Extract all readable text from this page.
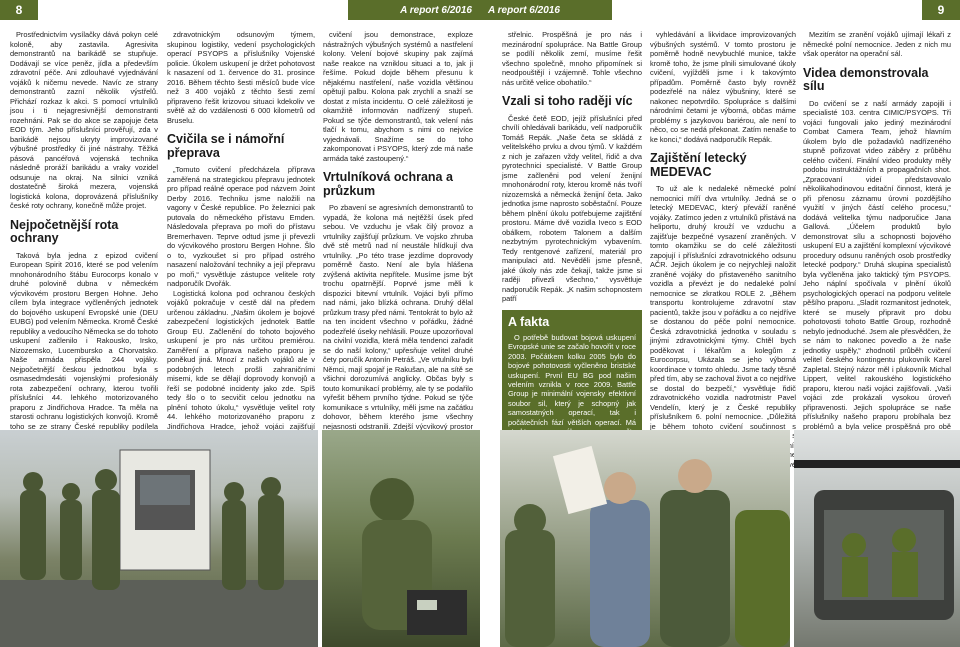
8	A report 6/2016

Prostřednictvím vysílačky dává pokyn celé koloně, aby zastavila. Agresivita demonstrantů na barikádě se stupňuje. Dodávají se více peněz, jídla a především zdravotní péče. Ani zdlouhavé vyjednávání vojáků k ničemu nevede. Navíc ze strany demonstrantů zazní několik výstřelů. Přichází rozkaz k akci. S pomocí vrtulníků jsou i ti nejagresivnější demonstranti rozehnáni. Pak se do akce se zapojuje četa EOD tým. Jeho příslušníci prověřují, zda v barikádě nejsou ukryty improvizované výbušné prostředky či jiné nástrahy. Těžká pásová pancéřová vojenská technika následně proráží barikádu a vraky vozidel odsunuje na okraj. Na silnici vzniká dostatečně široká mezera, vojenská logistická kolona, doprovázená příslušníky české roty ochrany, konečně může projet.

Nejpočetnější rota ochrany

Taková byla jedna z epizod cvičení European Spirit 2016, které se pod velením mnohonárodního štábu Eurocorps konalo v druhé polovině dubna v německém výcvikovém prostoru Bergen Hohne. Jeho cílem byla integrace vyčleněných jednotek do bojového uskupení Evropské unie (DEU EUBG) pod velením Německa. Kromě České republiky a vedoucího Německa se do tohoto uskupení začlenilo i Rakousko, Irsko, Nizozemsko, Lucembursko a Chorvatsko. Naše armáda přispěla 244 vojáky. Nejpočetnější českou jednotkou byla s osmasedmdesáti vojenskými profesionály rota zabezpečení ochrany, kterou tvořili příslušníci 44. lehkého motorizovaného praporu z Jindřichova Hradce. Ta měla na starosti ochranu logistických konvojů. Kromě toho se ze strany České republiky podílela

zdravotnickým odsunovým týmem, skupinou logistiky, vedení psychologických operací PSYOPS a příslušníky Vojenské policie. Úkolem uskupení je držet pohotovost k nasazení od 1. července do 31. prosince 2016. Během těchto šesti měsíců bude více než 3 400 vojáků z těchto šesti zemí připraveno řešit krizovou situaci kdekoliv ve světě až do vzdálenosti 6 000 kilometrů od Bruselu.

Cvičila se i námořní přeprava

„Tomuto cvičení předcházela příprava zaměřená na strategickou přepravu jednotek pro případ reálné operace pod názvem Joint Derby 2016. Techniku jsme naložili na vagony v České republice. Po železnici pak putovala do německého přístavu Emden. Následovala přeprava po moři do přístavu Bremerhaven. Teprve odtud jsme ji převezli do výcvikového prostoru Bergen Hohne. Šlo o to, vyzkoušet si pro případ ostrého nasazení naložování techniky a její přepravu po moři,“ vysvětluje zástupce velitele roty nadporučík Dvořák.

Logistická kolona pod ochranou českých vojáků pokračuje v cestě dál na předem určenou základnu. „Našim úkolem je bojové zabezpečení logistických jednotek Battle Group EU. Začlenění do tohoto bojového uskupení je pro nás určitou premiérou. Zaměření a příprava našeho praporu je poněkud jiná. Mnozí z našich vojáků ale v podobných letech prošli zahraničními misemi, kde se dělají doprovody konvojů a řeší se podobné incidenty jako zde. Spíš tedy šlo o to secvičit celou jednotku na plnění tohoto úkolu,“ vysvětluje velitel roty 44. lehkého motorizovaného praporu z Jindřichova Hradce, jehož vojáci zajišťují

cvičení jsou demonstrace, exploze nástražných výbušných systémů a nastřelení kolony. Velení bojové skupiny pak zajímá naše reakce na vzniklou situaci a to, jak ji řešíme. Pokud dojde během přesunu k nějakému nastřelení, naše vozidla většinou opětují palbu. Kolona pak zrychlí a snaží se dostat z místa incidentu. O celé záležitosti je okamžitě informován nadřízený stupeň. Pokud se týče demonstrantů, tak velení nás tlačí k tomu, abychom s nimi co nejvíce vyjednávali. Snažíme se do toho zakomponovat i PSYOPS, který zde má naše armáda také zastoupený.“

Vrtulníková ochrana a průzkum

Po zbavení se agresivních demonstrantů to vypadá, že kolona má nejtěžší úsek před sebou. Ve vzduchu je však čilý provoz a vrtulníky zajišťují průzkum. Ve vojsko zhruba dvě stě metrů nad ní neustále hlídkují dva vrtulníky. „Po této trase jezdíme doprovody poměrně často. Není ale byla hlášena zvýšená aktivita nepřítele. Musíme jsme být trochu opatrnější. Poprvé jsme měli k dispozici bitevní vrtulník. Vojáci byli přímo nad námi, jako blízká ochrana. Druhý dělal průzkum trasy před námi. Tentokrát to bylo až na ten incident všechno v pořádku, žádné podezřelé úseky nehlásili. Pouze upozorňoval na civilní vozidla, která měla tendenci zařadit se do naší kolony,“ upřesňuje velitel druhé čety poručík Antonín Petráš. „Ve vrtulníku byli Němci, mají spojař je Rakušan, ale na sítě se všichni dorozumívá anglicky. Občas byly s touto komunikací problémy, ale ty se podařilo vyřešit během prvního týdne. Pokud se týče komunikace s vrtulníky, měli jsme na začátku dohovor, během kterého jsme všechny nejasnosti odstranili. Zdejší výcvikový prostor

A report 6/2016	9

střelnic. Prospěšná je pro nás i mezinárodní spolupráce. Na Battle Group se podílí několik zemí, musíme řešit všechno společně, mnoho připomínek si neodpouštějí i vzájemně. Tohle všechno nás určitě velice obohatilo.“

Vzali si toho raději víc

České četě EOD, jejíž příslušníci před chvílí ohledávali barikádu, velí nadporučík Tomáš Repák. „Naše četa se skládá z velitelského prvku a dvou týmů. V každém z nich je zařazen vždy velitel, řidič a dva pyrotechnici specialisté. V Battle Group jsme začleněni pod velení ženijní mnohonárodní roty, kterou kromě nás tvoří nizozemská a německá ženijní četa. Jako jednotka jsme naprosto soběstační. Pouze během plnění úkolu potřebujeme zajištění prostoru. Máme dvě vozidla Iveco s EOD obálkem, robotem Talonem a dalším nezbytným pyrotechnickým vybavením. Tedy rentgenové zařízení, materiál pro manipulaci atd. Nevěděli jsme přesně, jaké úkoly nás zde čekají, takže jsme si raději přivezli všechno,“ vysvětluje nadporučík Repák. „K našim schopnostem patří

A fakta

O potřebě budovat bojová uskupení Evropské unie se začalo hovořit v roce 2003. Počátkem kolku 2005 bylo do bojové pohotovosti vyčleněno bristské uskupení. První EU BG pod našim velením vznikla v roce 2009. Battle Group je minimální vojensky efektivní soubor sil, který je schopný jak samostatných operací, tak i počátečních fází větších operací. Má

vyhledávání a likvidace improvizovaných výbušných systémů. V tomto prostoru je poměrně hodně nevybuchlé munice, takže kromě toho, že jsme plnili simulované úkoly cvičení, vyjížděli jsme i k takovýmto případům. Poměrně často byly rovněž podezřelé na nález výbušniny, které se nakonec nepotvrdilo. Spolupráce s dalšími národními četami je výborná, občas máme problémy s jazykovou bariérou, ale není to něco, co se nedá překonat. Zatím nenaše to ke konci,“ dodává nadporučík Repák.

Zajištění letecký MEDEVAC

To už ale k nedaleké německé polní nemocnici míří dva vrtulníky. Jedná se o letecký MEDEVAC, který převáží raněné vojáky. Zatímco jeden z vrtulníků přistává na heliportu, druhý krouží ve vzduchu a zajišťuje bezpečné vysazení zraněných. V tomto okamžiku se do celé záležitosti zapojují i příslušníci zdravotnického odsunu AČR. Jejich úkolem je co nejrychleji naložit zraněné vojáky do přistaveného sanitního vozidla a převézt je do nedaleké polní nemocnice se zkratkou ROLE 2. „Během transportu kontrolujeme zdravotní stav pacientů, takže jsou v pořádku a co nejdříve se dostanou do péče polní nemocnice. Česká zdravotnická jednotka v souladu s jinými zdravotnickými týmy. Chtěl bych poděkovat i lékařům a kolegům z Eurocorpsu, Ukázala se jeho výborná koordinace v tomto ohledu. Jsme tady těsně před tím, aby se zachoval život a co nejdříve se dostal do bezpečí,“ vysvětluje řidič zdravotnického vozidla nadrotmistr Pavel Vendelín, který je z České republiky příslušníkem 6. polní nemocnice. „Důležitá je během tohoto cvičení součinnost s

Mezitím se zranění vojáků ujímají lékaři z německé polní nemocnice. Jeden z nich mu však operátor na operační sál.

Videa demonstrovala sílu

Do cvičení se z naší armády zapojili i specialisté 103. centra CIMIC/PSYOPS. Tři vojáci fungovali jako jediný mezinárodní Combat Camera Team, jehož hlavním úkolem bylo dle požadavků nadřízeného stupně pořizovat video záběry z průběhu celého cvičení. Finální video produkty měly podobu instruktážních a propagačních shot. „Zpracovaní videí představovalo několikahodinovou editační činnost, která je při přenosu záznamu úrovni pozdějšího využití v jiných částí celého procesu,“ dodává velitelka týmu nadporučice Jana Gallová. „Účelem produktů bylo demonstrovat sílu a schopnosti bojového uskupení EU a zajištění komplexní výcvikové procedury odsunu raněných osob prostředky letecké podpory.“ Druhá skupina specialistů byla vyčleněna jako taktický tým PSYOPS. Jeho náplní spočívala v plnění úkolů psychologických operací na podporu velitele pěšího praporu. „Sladit rozmanitost jednotek, které se musely připravit pro dobu pohotovosti tohoto Battle Group, rozhodně nebylo jednoduché. Jsem ale přesvědčen, že se nám to nakonec povedlo a že naše jednotky uspěly,“ zhodnotil průběh cvičení velitel českého kontingentu plukovník Karel Zapletal. Stejný názor měl i plukovník Michal Lippert, velitel rakouského logistického praporu, kterou naši vojáci zajišťovali. „Vaši vojáci zde prokázali vysokou úroveň připravenosti. Jejich spolupráce se naše příslušníky našeho praporu probíhala bez problémů a byla velice prospěšná pro obě
